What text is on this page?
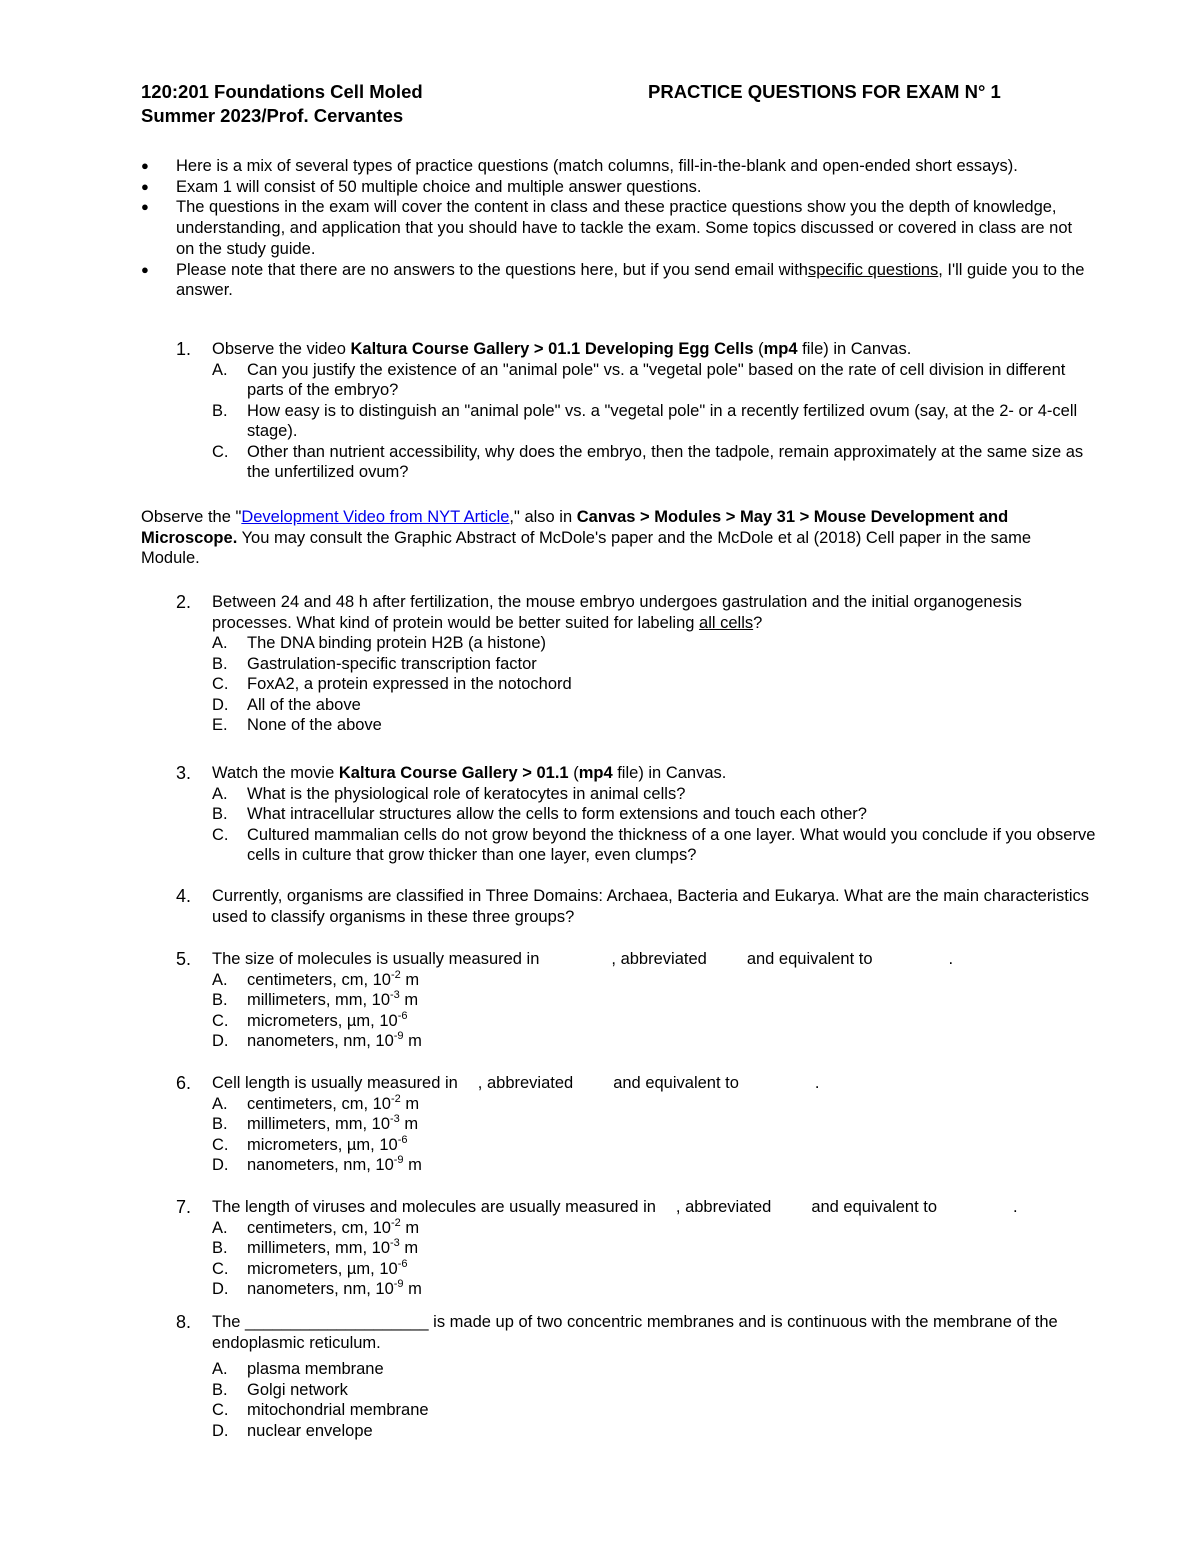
120:201 Foundations Cell Moled
Summer 2023/Prof. Cervantes
PRACTICE QUESTIONS FOR EXAM N° 1
● Here is a mix of several types of practice questions (match columns, fill-in-the-blank and open-ended short essays).
● Exam 1 will consist of 50 multiple choice and multiple answer questions.
● The questions in the exam will cover the content in class and these practice questions show you the depth of knowledge, understanding, and application that you should have to tackle the exam. Some topics discussed or covered in class are not on the study guide.
● Please note that there are no answers to the questions here, but if you send email withspecific questions, I'll guide you to the answer.
1.	Observe the video Kaltura Course Gallery > 01.1 Developing Egg Cells (mp4 file) in Canvas.
A. Can you justify the existence of an "animal pole" vs. a "vegetal pole" based on the rate of cell division in different parts of the embryo?
B. How easy is to distinguish an "animal pole" vs. a "vegetal pole" in a recently fertilized ovum (say, at the 2- or 4-cell stage).
C. Other than nutrient accessibility, why does the embryo, then the tadpole, remain approximately at the same size as the unfertilized ovum?
Observe the "Development Video from NYT Article," also in Canvas > Modules > May 31 > Mouse Development and Microscope. You may consult the Graphic Abstract of McDole's paper and the McDole et al (2018) Cell paper in the same Module.
2.	Between 24 and 48 h after fertilization, the mouse embryo undergoes gastrulation and the initial organogenesis processes. What kind of protein would be better suited for labeling all cells?
A. The DNA binding protein H2B (a histone)
B. Gastrulation-specific transcription factor
C. FoxA2, a protein expressed in the notochord
D. All of the above
E. None of the above
3.	Watch the movie Kaltura Course Gallery > 01.1 (mp4 file) in Canvas.
A. What is the physiological role of keratocytes in animal cells?
B. What intracellular structures allow the cells to form extensions and touch each other?
C. Cultured mammalian cells do not grow beyond the thickness of a one layer. What would you conclude if you observe cells in culture that grow thicker than one layer, even clumps?
4.	Currently, organisms are classified in Three Domains: Archaea, Bacteria and Eukarya. What are the main characteristics used to classify organisms in these three groups?
5.	The size of molecules is usually measured in	, abbreviated and equivalent to	.
A. centimeters, cm, $10^{-2}$ m
B. millimeters, mm, $10^{-3}$ m
C. micrometers, µm, $10^{-6}$
D. nanometers, nm, $10^{-9}$ m
6.	Cell length is usually measured in , abbreviated and equivalent to	.
A. centimeters, cm, $10^{-2}$ m
B. millimeters, mm, $10^{-3}$ m
C. micrometers, µm, $10^{-6}$
D. nanometers, nm, $10^{-9}$ m
7.	The length of viruses and molecules are usually measured in , abbreviated and equivalent to	.
A. centimeters, cm, $10^{-2}$ m
B. millimeters, mm, $10^{-3}$ m
C. micrometers, µm, $10^{-6}$
D. nanometers, nm, $10^{-9}$ m
8.	The ____________________ is made up of two concentric membranes and is continuous with the membrane of the endoplasmic reticulum.
A. plasma membrane
B. Golgi network
C. mitochondrial membrane
D. nuclear envelope
